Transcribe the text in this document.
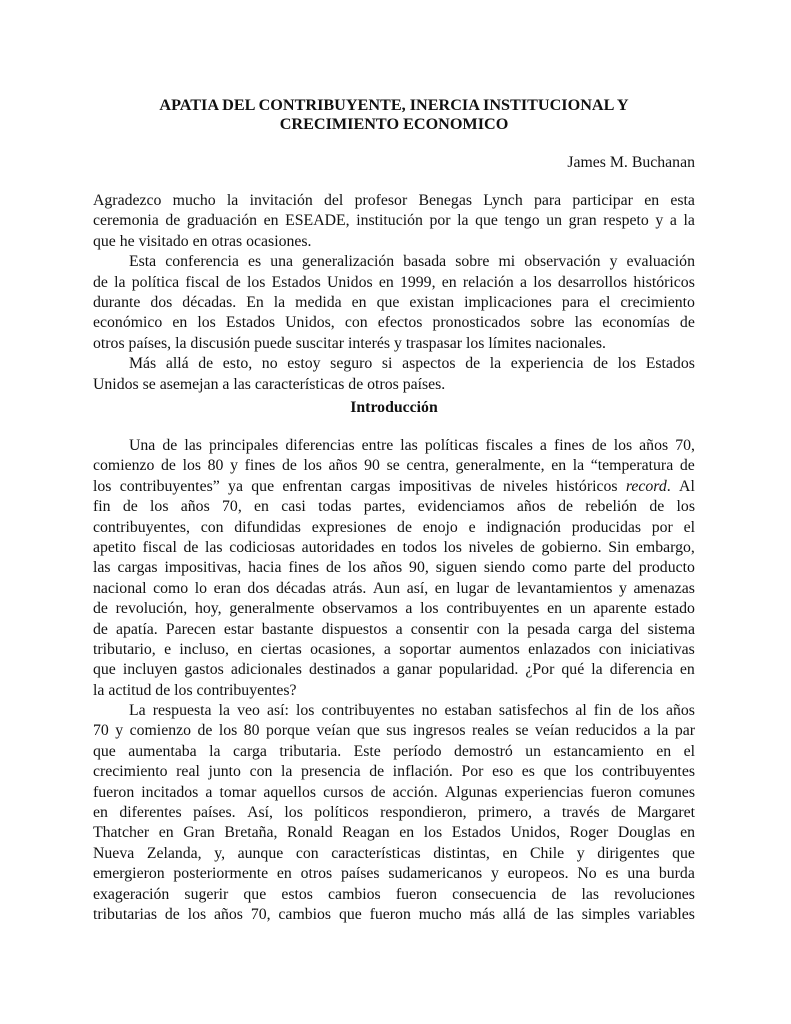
APATIA DEL CONTRIBUYENTE, INERCIA INSTITUCIONAL Y
CRECIMIENTO ECONOMICO
James M. Buchanan
Agradezco mucho la invitación del profesor Benegas Lynch para participar en esta
ceremonia de graduación en ESEADE, institución por la que tengo un gran respeto y a la
que he visitado en otras ocasiones.
Esta conferencia es una generalización basada sobre mi observación y evaluación
de la política fiscal de los Estados Unidos en 1999, en relación a los desarrollos históricos
durante dos décadas. En la medida en que existan implicaciones para el crecimiento
económico en los Estados Unidos, con efectos pronosticados sobre las economías de
otros países, la discusión puede suscitar interés y traspasar los límites nacionales.
Más allá de esto, no estoy seguro si aspectos de la experiencia de los Estados
Unidos se asemejan a las características de otros países.
Introducción
Una de las principales diferencias entre las políticas fiscales a fines de los años 70,
comienzo de los 80 y fines de los años 90 se centra, generalmente, en la “temperatura de
los contribuyentes” ya que enfrentan cargas impositivas de niveles históricos record. Al
fin de los años 70, en casi todas partes, evidenciamos años de rebelión de los
contribuyentes, con difundidas expresiones de enojo e indignación producidas por el
apetito fiscal de las codiciosas autoridades en todos los niveles de gobierno. Sin embargo,
las cargas impositivas, hacia fines de los años 90, siguen siendo como parte del producto
nacional como lo eran dos décadas atrás. Aun así, en lugar de levantamientos y amenazas
de revolución, hoy, generalmente observamos a los contribuyentes en un aparente estado
de apatía. Parecen estar bastante dispuestos a consentir con la pesada carga del sistema
tributario, e incluso, en ciertas ocasiones, a soportar aumentos enlazados con iniciativas
que incluyen gastos adicionales destinados a ganar popularidad. ¿Por qué la diferencia en
la actitud de los contribuyentes?
La respuesta la veo así: los contribuyentes no estaban satisfechos al fin de los años
70 y comienzo de los 80 porque veían que sus ingresos reales se veían reducidos a la par
que aumentaba la carga tributaria. Este período demostró un estancamiento en el
crecimiento real junto con la presencia de inflación. Por eso es que los contribuyentes
fueron incitados a tomar aquellos cursos de acción. Algunas experiencias fueron comunes
en diferentes países. Así, los políticos respondieron, primero, a través de Margaret
Thatcher en Gran Bretaña, Ronald Reagan en los Estados Unidos, Roger Douglas en
Nueva Zelanda, y, aunque con características distintas, en Chile y dirigentes que
emergieron posteriormente en otros países sudamericanos y europeos. No es una burda
exageración sugerir que estos cambios fueron consecuencia de las revoluciones
tributarias de los años 70, cambios que fueron mucho más allá de las simples variables
